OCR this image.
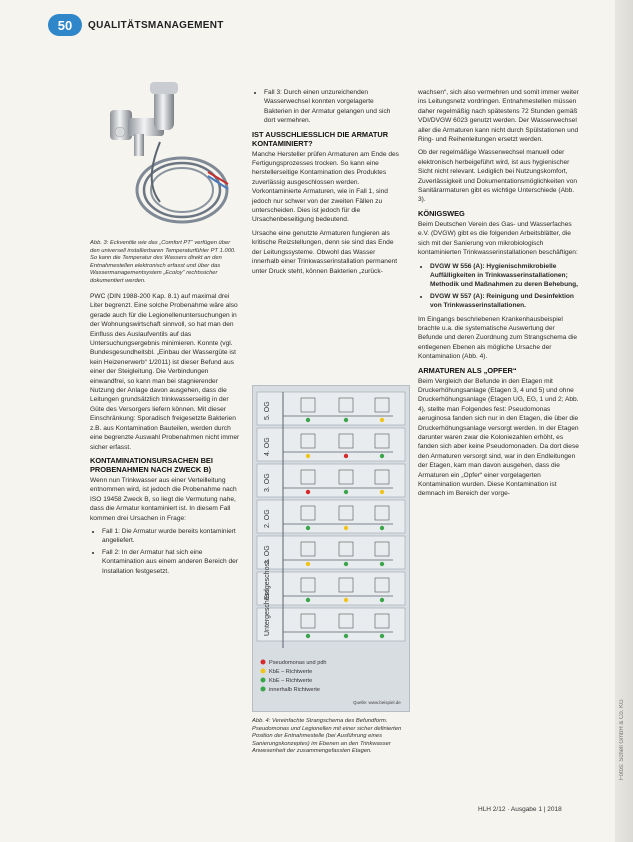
Fotos: Schell GmbH & Co. KG
50	QUALITÄTSMANAGEMENT
Abb. 3: Eckventile wie das „Comfort PT“ verfügen über den universell installierbaren Temperaturfühler PT 1.000. So kann die Temperatur des Wassers direkt an den Entnahmestellen elektronisch erfasst und über das Wassermanagementsystem „Ecoloy“ rechtssicher dokumentiert werden.

PWC (DIN 1988-200 Kap. 8.1) auf maximal drei Liter begrenzt. Eine solche Probenahme wäre also gerade auch für die Legionellenuntersuchungen in der Wohnungswirtschaft sinnvoll, so hat man den Einfluss des Auslaufventils auf das Untersuchungsergebnis minimieren. Konnte (vgl. Bundesgesundheitsbl. „Einbau der Wassergüte ist kein Heizenerwerb“ 1/2011) ist dieser Befund aus einer der Steigleitung. Die Verbindungen einwandfrei, so kann man bei stagnierender Nutzung der Anlage davon ausgehen, dass die Leitungen grundsätzlich trinkwasserseitig in der Güte des Versorgers liefern können. Mit dieser Einschränkung: Sporadisch freigesetzte Bakterien z.B. aus Kontamination Bauteilen, werden durch eine begrenzte Auswahl Probenahmen nicht immer sicher erfasst.

KONTAMINATIONSURSACHEN BEI PROBENAHMEN NACH ZWECK B)

Wenn nun Trinkwasser aus einer Verteilleitung entnommen wird, ist jedoch die Probenahme nach ISO 19458 Zweck B, so liegt die Vermutung nahe, dass die Armatur kontaminiert ist. In diesem Fall kommen drei Ursachen in Frage:

• Fall 1: Die Armatur wurde bereits kontaminiert angeliefert.
• Fall 2: In der Armatur hat sich eine Kontamination aus einem anderen Bereich der Installation festgesetzt.
• Fall 3: Durch einen unzureichenden Wasserwechsel konnten vorgelagerte Bakterien in der Armatur gelangen und sich dort vermehren.
IST AUSSCHLIESSLICH DIE ARMATUR KONTAMINIERT?

Manche Hersteller prüfen Armaturen am Ende des Fertigungsprozesses trocken. So kann eine herstellerseitige Kontamination des Produktes zuverlässig ausgeschlossen werden. Vorkontaminierte Armaturen, wie in Fall 1, sind jedoch nur schwer von der zweiten Fällen zu unterscheiden. Dies ist jedoch für die Ursachenbeseitigung bedeutend.

Ursache eine genutzte Armaturen fungieren als kritische Reizstellungen, denn sie sind das Ende der Leitungssysteme. Obwohl das Wasser innerhalb einer Trinkwasserinstallation permanent unter Druck steht, können Bakterien „zurück-

5. OG
4. OG
3. OG
2. OG
1. OG
Erdgeschoss
Untergeschoss
Pseudomonas und pdh
KbE – Richtwerte
KbE – Richtwerte
innerhalb Richtwerte
Quelle: www.beispiel.de
Abb. 4: Vereinfachte Strangschema des Befundform. Pseudomonas und Legionellen mit einer sicher definierten Position der Entnahmestelle (bei Ausführung eines Sanierungskonzeptes) im Ebenen an den Trinkwasser Anwesenheit der zusammengefassten Etagen.

wachsen“, sich also vermehren und somit immer weiter ins Leitungsnetz vordringen. Entnahmestellen müssen daher regelmäßig nach spätestens 72 Stunden gemäß VDI/DVGW 6023 genutzt werden. Der Wasserwechsel aller die Armaturen kann nicht durch Spülstationen und Ring- und Reihenleitungen ersetzt werden.

Ob der regelmäßige Wasserwechsel manuell oder elektronisch herbeigeführt wird, ist aus hygienischer Sicht nicht relevant. Lediglich bei Nutzungskomfort, Zuverlässigkeit und Dokumentationsmöglichkeiten von Sanitärarmaturen gibt es wichtige Unterschiede (Abb. 3).

KÖNIGSWEG

Beim Deutschen Verein des Gas- und Wasserfaches e.V. (DVGW) gibt es die folgenden Arbeitsblätter, die sich mit der Sanierung von mikrobiologisch kontaminierten Trinkwasserinstallationen beschäftigen:

• DVGW W 556 (A): Hygienischmikrobielle Auffälligkeiten in Trinkwasserinstallationen; Methodik und Maßnahmen zu deren Behebung,
• DVGW W 557 (A): Reinigung und Desinfektion von Trinkwasserinstallationen.

Im Eingangs beschriebenen Krankenhausbeispiel brachte u.a. die systematische Auswertung der Befunde und deren Zuordnung zum Strangschema die entlegenen Ebenen als mögliche Ursache der Kontamination (Abb. 4).

ARMATUREN ALS „OPFER“

Beim Vergleich der Befunde in den Etagen mit Druckerhöhungsanlage (Etagen 3, 4 und 5) und ohne Druckerhöhungsanlage (Etagen UG, EG, 1 und 2; Abb. 4), stellte man Folgendes fest: Pseudomonas aeruginosa fanden sich nur in den Etagen, die über die Druckerhöhungsanlage versorgt werden. In der Etagen darunter waren zwar die Koloniezahlen erhöht, es fanden sich aber keine Pseudomonaden. Da dort diese den Armaturen versorgt sind, war in den Endleitungen der Etagen, kam man davon ausgehen, dass die Armaturen ein „Opfer“ einer vorgelagerten Kontamination wurden. Diese Kontamination ist demnach im Bereich der vorge-

HLH 2/12 · Ausgabe 1 | 2018
